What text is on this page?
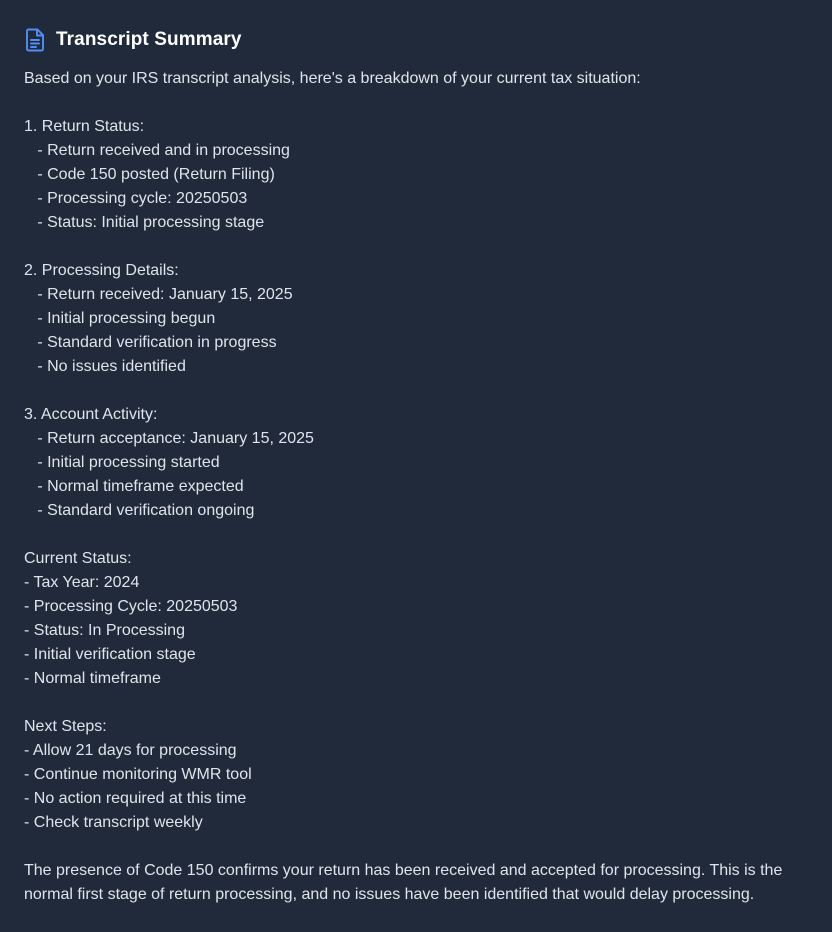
Transcript Summary
Based on your IRS transcript analysis, here's a breakdown of your current tax situation:
1. Return Status:
- Return received and in processing
- Code 150 posted (Return Filing)
- Processing cycle: 20250503
- Status: Initial processing stage
2. Processing Details:
- Return received: January 15, 2025
- Initial processing begun
- Standard verification in progress
- No issues identified
3. Account Activity:
- Return acceptance: January 15, 2025
- Initial processing started
- Normal timeframe expected
- Standard verification ongoing
Current Status:
- Tax Year: 2024
- Processing Cycle: 20250503
- Status: In Processing
- Initial verification stage
- Normal timeframe
Next Steps:
- Allow 21 days for processing
- Continue monitoring WMR tool
- No action required at this time
- Check transcript weekly
The presence of Code 150 confirms your return has been received and accepted for processing. This is the normal first stage of return processing, and no issues have been identified that would delay processing.
